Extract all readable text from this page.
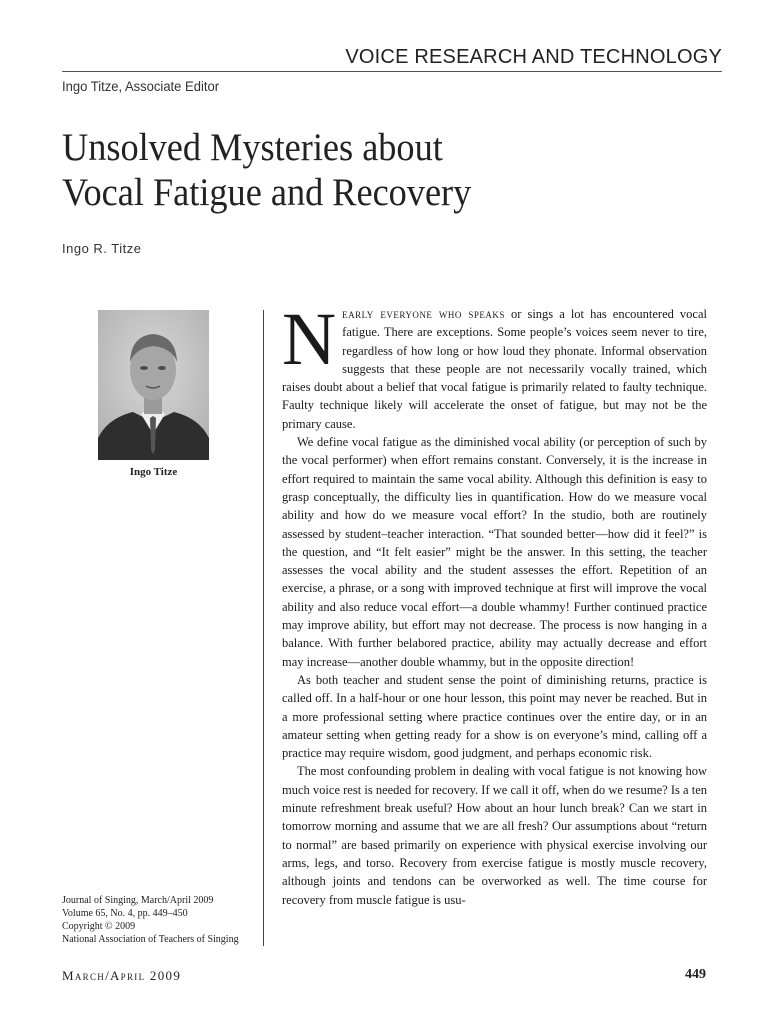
VOICE RESEARCH AND TECHNOLOGY
Ingo Titze, Associate Editor
Unsolved Mysteries about
Vocal Fatigue and Recovery
Ingo R. Titze
Ingo Titze
Journal of Singing, March/April 2009
Volume 65, No. 4, pp. 449–450
Copyright © 2009
National Association of Teachers of Singing

Nearly everyone who speaks or sings a lot has encountered vocal fatigue. There are exceptions. Some people’s voices seem never to tire, regardless of how long or how loud they phonate. Informal observation suggests that these people are not necessarily vocally trained, which raises doubt about a belief that vocal fatigue is primarily related to faulty technique. Faulty technique likely will accelerate the onset of fatigue, but may not be the primary cause.

We define vocal fatigue as the diminished vocal ability (or perception of such by the vocal performer) when effort remains constant. Conversely, it is the increase in effort required to maintain the same vocal ability. Although this definition is easy to grasp conceptually, the difficulty lies in quantification. How do we measure vocal ability and how do we measure vocal effort? In the studio, both are routinely assessed by student–teacher interaction. “That sounded better—how did it feel?” is the question, and “It felt easier” might be the answer. In this setting, the teacher assesses the vocal ability and the student assesses the effort. Repetition of an exercise, a phrase, or a song with improved technique at first will improve the vocal ability and also reduce vocal effort—a double whammy! Further continued practice may improve ability, but effort may not decrease. The process is now hanging in a balance. With further belabored practice, ability may actually decrease and effort may increase—another double whammy, but in the opposite direction!

As both teacher and student sense the point of diminishing returns, practice is called off. In a half-hour or one hour lesson, this point may never be reached. But in a more professional setting where practice continues over the entire day, or in an amateur setting when getting ready for a show is on everyone’s mind, calling off a practice may require wisdom, good judgment, and perhaps economic risk.

The most confounding problem in dealing with vocal fatigue is not knowing how much voice rest is needed for recovery. If we call it off, when do we resume? Is a ten minute refreshment break useful? How about an hour lunch break? Can we start in tomorrow morning and assume that we are all fresh? Our assumptions about “return to normal” are based primarily on experience with physical exercise involving our arms, legs, and torso. Recovery from exercise fatigue is mostly muscle recovery, although joints and tendons can be overworked as well. The time course for recovery from muscle fatigue is usu-

March/April 2009	449
